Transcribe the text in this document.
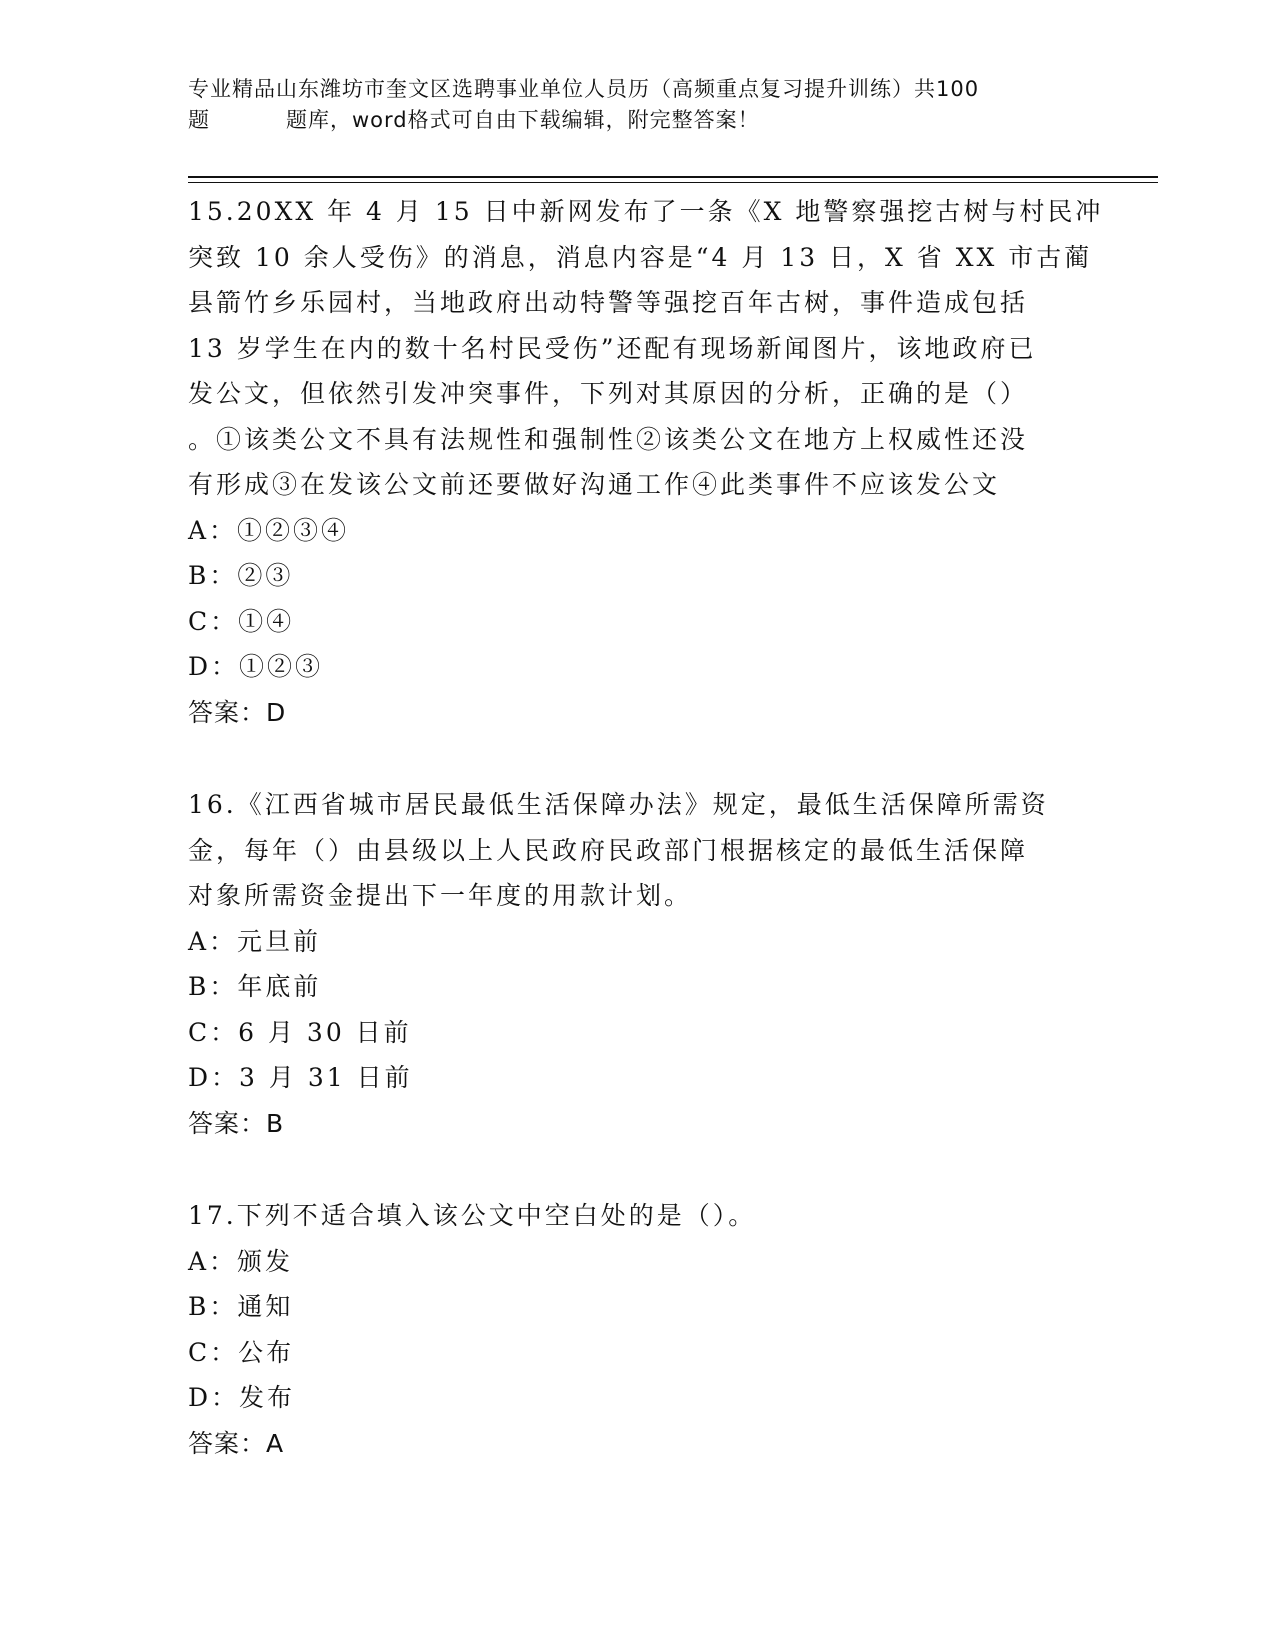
专业精品山东潍坊市奎文区选聘事业单位人员历（高频重点复习提升训练）共100
题	题库，word格式可自由下载编辑，附完整答案！
15.20XX 年 4 月 15 日中新网发布了一条《X 地警察强挖古树与村民冲
突致 10 余人受伤》的消息，消息内容是“4 月 13 日，X 省 XX 市古蔺
县箭竹乡乐园村，当地政府出动特警等强挖百年古树，事件造成包括
13 岁学生在内的数十名村民受伤”还配有现场新闻图片，该地政府已
发公文，但依然引发冲突事件，下列对其原因的分析，正确的是（）
。①该类公文不具有法规性和强制性②该类公文在地方上权威性还没
有形成③在发该公文前还要做好沟通工作④此类事件不应该发公文
A：①②③④
B：②③
C：①④
D：①②③
答案：D
16.《江西省城市居民最低生活保障办法》规定，最低生活保障所需资
金，每年（）由县级以上人民政府民政部门根据核定的最低生活保障
对象所需资金提出下一年度的用款计划。
A：元旦前
B：年底前
C：6 月 30 日前
D：3 月 31 日前
答案：B
17.下列不适合填入该公文中空白处的是（）。
A：颁发
B：通知
C：公布
D：发布
答案：A
